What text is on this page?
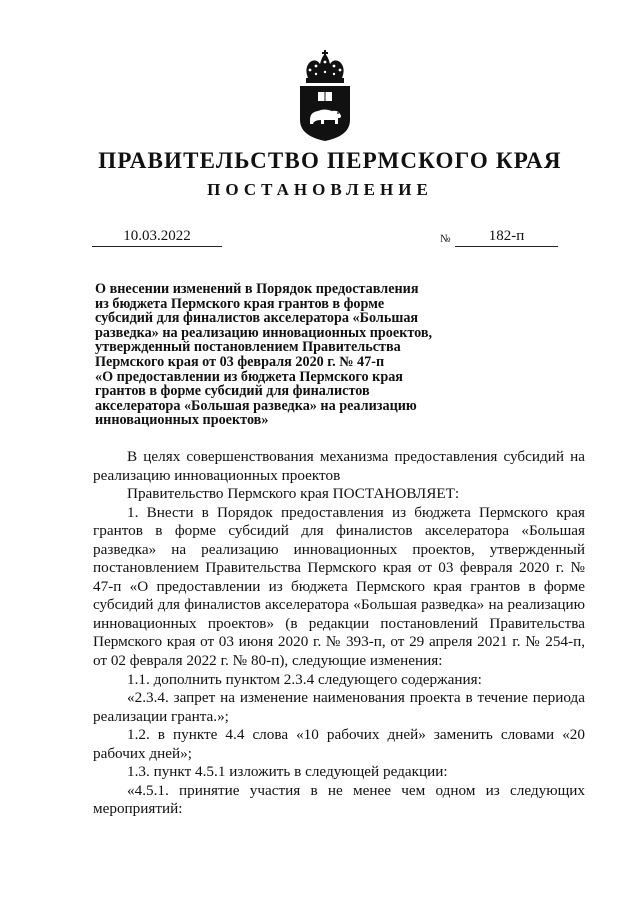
ПРАВИТЕЛЬСТВО ПЕРМСКОГО КРАЯ
ПОСТАНОВЛЕНИЕ
10.03.2022	№	182-п
О внесении изменений в Порядок предоставления
из бюджета Пермского края грантов в форме
субсидий для финалистов акселератора «Большая
разведка» на реализацию инновационных проектов,
утвержденный постановлением Правительства
Пермского края от 03 февраля 2020 г. № 47-п
«О предоставлении из бюджета Пермского края
грантов в форме субсидий для финалистов
акселератора «Большая разведка» на реализацию
инновационных проектов»

В целях совершенствования механизма предоставления субсидий на реализацию инновационных проектов

Правительство Пермского края ПОСТАНОВЛЯЕТ:

1. Внести в Порядок предоставления из бюджета Пермского края грантов в форме субсидий для финалистов акселератора «Большая разведка» на реализацию инновационных проектов, утвержденный постановлением Правительства Пермского края от 03 февраля 2020 г. № 47-п «О предоставлении из бюджета Пермского края грантов в форме субсидий для финалистов акселератора «Большая разведка» на реализацию инновационных проектов» (в редакции постановлений Правительства Пермского края от 03 июня 2020 г. № 393-п, от 29 апреля 2021 г. № 254-п, от 02 февраля 2022 г. № 80-п), следующие изменения:

1.1. дополнить пунктом 2.3.4 следующего содержания:

«2.3.4. запрет на изменение наименования проекта в течение периода реализации гранта.»;

1.2. в пункте 4.4 слова «10 рабочих дней» заменить словами «20 рабочих дней»;

1.3. пункт 4.5.1 изложить в следующей редакции:

«4.5.1. принятие участия в не менее чем одном из следующих мероприятий:
